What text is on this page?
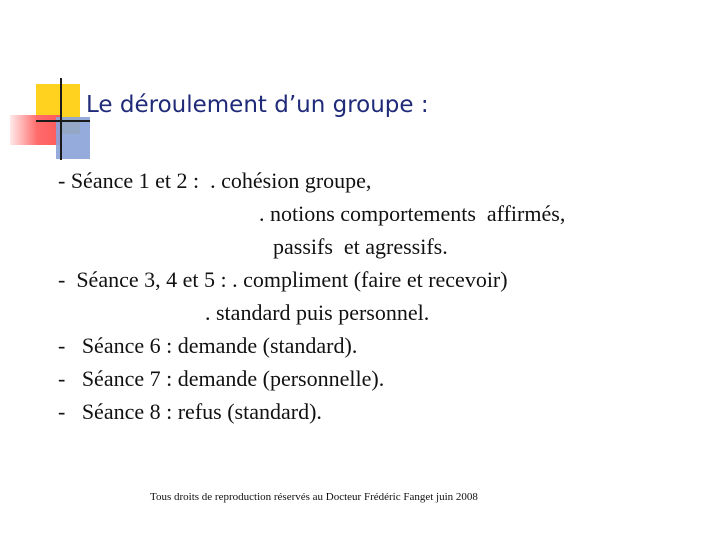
Le déroulement d’un groupe :
- Séance 1 et 2 :  . cohésion groupe,
. notions comportements  affirmés,
passifs  et agressifs.
-  Séance 3, 4 et 5 : . compliment (faire et recevoir)
. standard puis personnel.
-   Séance 6 : demande (standard).
-   Séance 7 : demande (personnelle).
-   Séance 8 : refus (standard).
Tous droits de reproduction réservés au Docteur Frédéric Fanget juin 2008
